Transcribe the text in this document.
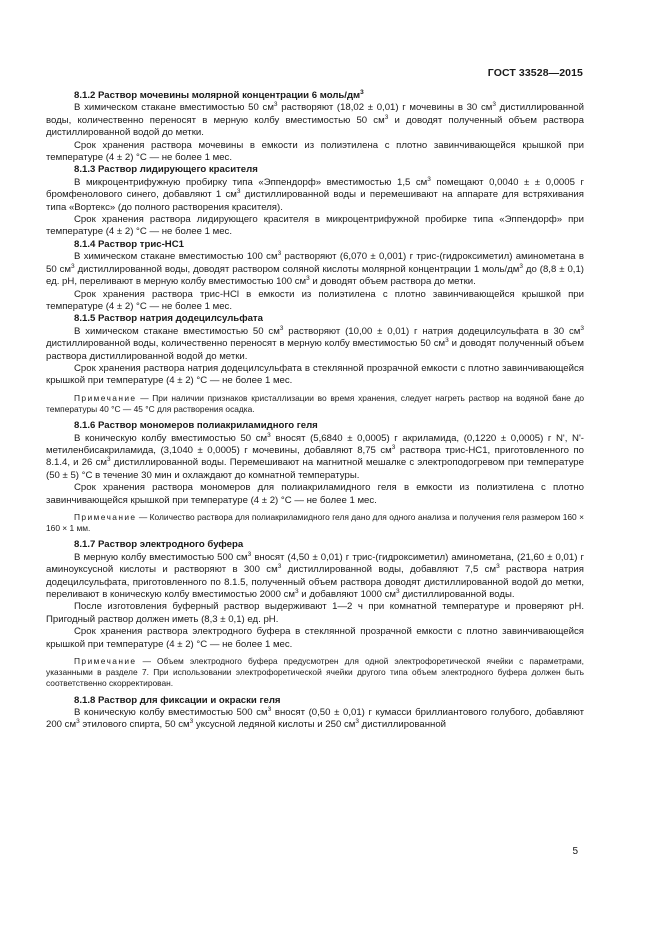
ГОСТ 33528—2015

8.1.2 Раствор мочевины молярной концентрации 6 моль/$дм^3$

В химическом стакане вместимостью 50 $см^3$ растворяют (18,02 ± 0,01) г мочевины в 30 $см^3$ дистиллированной воды, количественно переносят в мерную колбу вместимостью 50 $см^3$ и доводят полученный объем раствора дистиллированной водой до метки.

Срок хранения раствора мочевины в емкости из полиэтилена с плотно завинчивающейся крышкой при температуре (4 ± 2) °С — не более 1 мес.

8.1.3 Раствор лидирующего красителя

В микроцентрифужную пробирку типа «Эппендорф» вместимостью 1,5 $см^3$ помещают 0,0040 ± ± 0,0005 г бромфенолового синего, добавляют 1 $см^3$ дистиллированной воды и перемешивают на аппарате для встряхивания типа «Вортекс» (до полного растворения красителя).

Срок хранения раствора лидирующего красителя в микроцентрифужной пробирке типа «Эппендорф» при температуре (4 ± 2) °С — не более 1 мес.

8.1.4 Раствор трис-НС1

В химическом стакане вместимостью 100 $см^3$ растворяют (6,070 ± 0,001) г трис-(гидроксиметил) аминометана в 50 $см^3$ дистиллированной воды, доводят раствором соляной кислоты молярной концентрации 1 моль/$дм^3$ до (8,8 ± 0,1) ед. pH, переливают в мерную колбу вместимостью 100 $см^3$ и доводят объем раствора до метки.

Срок хранения раствора трис-НCl в емкости из полиэтилена с плотно завинчивающейся крышкой при температуре (4 ± 2) °С — не более 1 мес.

8.1.5 Раствор натрия додецилсульфата

В химическом стакане вместимостью 50 $см^3$ растворяют (10,00 ± 0,01) г натрия додецилсульфата в 30 $см^3$ дистиллированной воды, количественно переносят в мерную колбу вместимостью 50 $см^3$ и доводят полученный объем раствора дистиллированной водой до метки.

Срок хранения раствора натрия додецилсульфата в стеклянной прозрачной емкости с плотно завинчивающейся крышкой при температуре (4 ± 2) °С — не более 1 мес.

Примечание — При наличии признаков кристаллизации во время хранения, следует нагреть раствор на водяной бане до температуры 40 °С — 45 °С для растворения осадка.

8.1.6 Раствор мономеров полиакриламидного геля

В коническую колбу вместимостью 50 $см^3$ вносят (5,6840 ± 0,0005) г акриламида, (0,1220 ± 0,0005) г N', N'-метиленбисакриламида, (3,1040 ± 0,0005) г мочевины, добавляют 8,75 $см^3$ раствора трис-НС1, приготовленного по 8.1.4, и 26 $см^3$ дистиллированной воды. Перемешивают на магнитной мешалке с электроподогревом при температуре (50 ± 5) °С в течение 30 мин и охлаждают до комнатной температуры.

Срок хранения раствора мономеров для полиакриламидного геля в емкости из полиэтилена с плотно завинчивающейся крышкой при температуре (4 ± 2) °С — не более 1 мес.

Примечание — Количество раствора для полиакриламидного геля дано для одного анализа и получения геля размером 160 × 160 × 1 мм.

8.1.7 Раствор электродного буфера

В мерную колбу вместимостью 500 $см^3$ вносят (4,50 ± 0,01) г трис-(гидроксиметил) аминометана, (21,60 ± 0,01) г аминоуксусной кислоты и растворяют в 300 $см^3$ дистиллированной воды, добавляют 7,5 $см^3$ раствора натрия додецилсульфата, приготовленного по 8.1.5, полученный объем раствора доводят дистиллированной водой до метки, переливают в коническую колбу вместимостью 2000 $см^3$ и добавляют 1000 $см^3$ дистиллированной воды.

После изготовления буферный раствор выдерживают 1—2 ч при комнатной температуре и проверяют pH. Пригодный раствор должен иметь (8,3 ± 0,1) ед. pH.

Срок хранения раствора электродного буфера в стеклянной прозрачной емкости с плотно завинчивающейся крышкой при температуре (4 ± 2) °С — не более 1 мес.

Примечание — Объем электродного буфера предусмотрен для одной электрофоретической ячейки с параметрами, указанными в разделе 7. При использовании электрофоретической ячейки другого типа объем электродного буфера должен быть соответственно скорректирован.

8.1.8 Раствор для фиксации и окраски геля

В коническую колбу вместимостью 500 $см^3$ вносят (0,50 ± 0,01) г кумасси бриллиантового голубого, добавляют 200 $см^3$ этилового спирта, 50 $см^3$ уксусной ледяной кислоты и 250 $см^3$ дистиллированной

5
